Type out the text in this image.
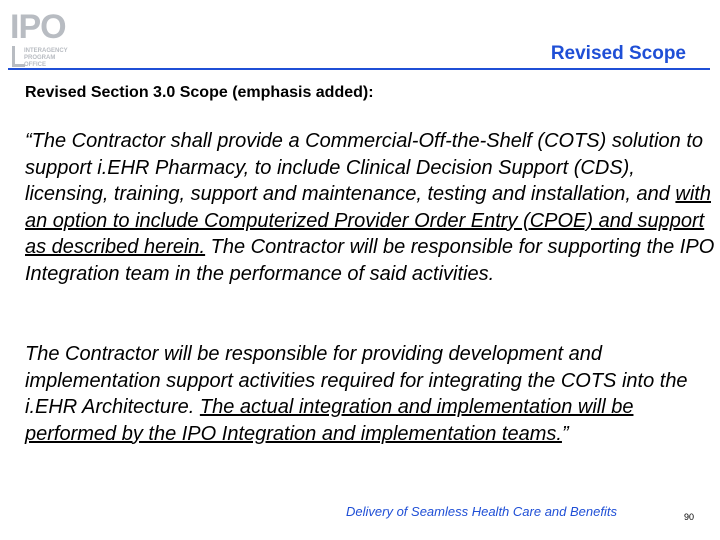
IPO
INTERAGENCY
PROGRAM OFFICE
Revised Scope
Revised Section 3.0 Scope (emphasis added):
“The Contractor shall provide a Commercial-Off-the-Shelf (COTS) solution to support i.EHR Pharmacy, to include Clinical Decision Support (CDS), licensing, training, support and maintenance, testing and installation, and with an option to include Computerized Provider Order Entry (CPOE) and support as described herein. The Contractor will be responsible for supporting the IPO Integration team in the performance of said activities.
The Contractor will be responsible for providing development and implementation support activities required for integrating the COTS into the i.EHR Architecture. The actual integration and implementation will be performed by the IPO Integration and implementation teams.”
Delivery of Seamless Health Care and Benefits	90
